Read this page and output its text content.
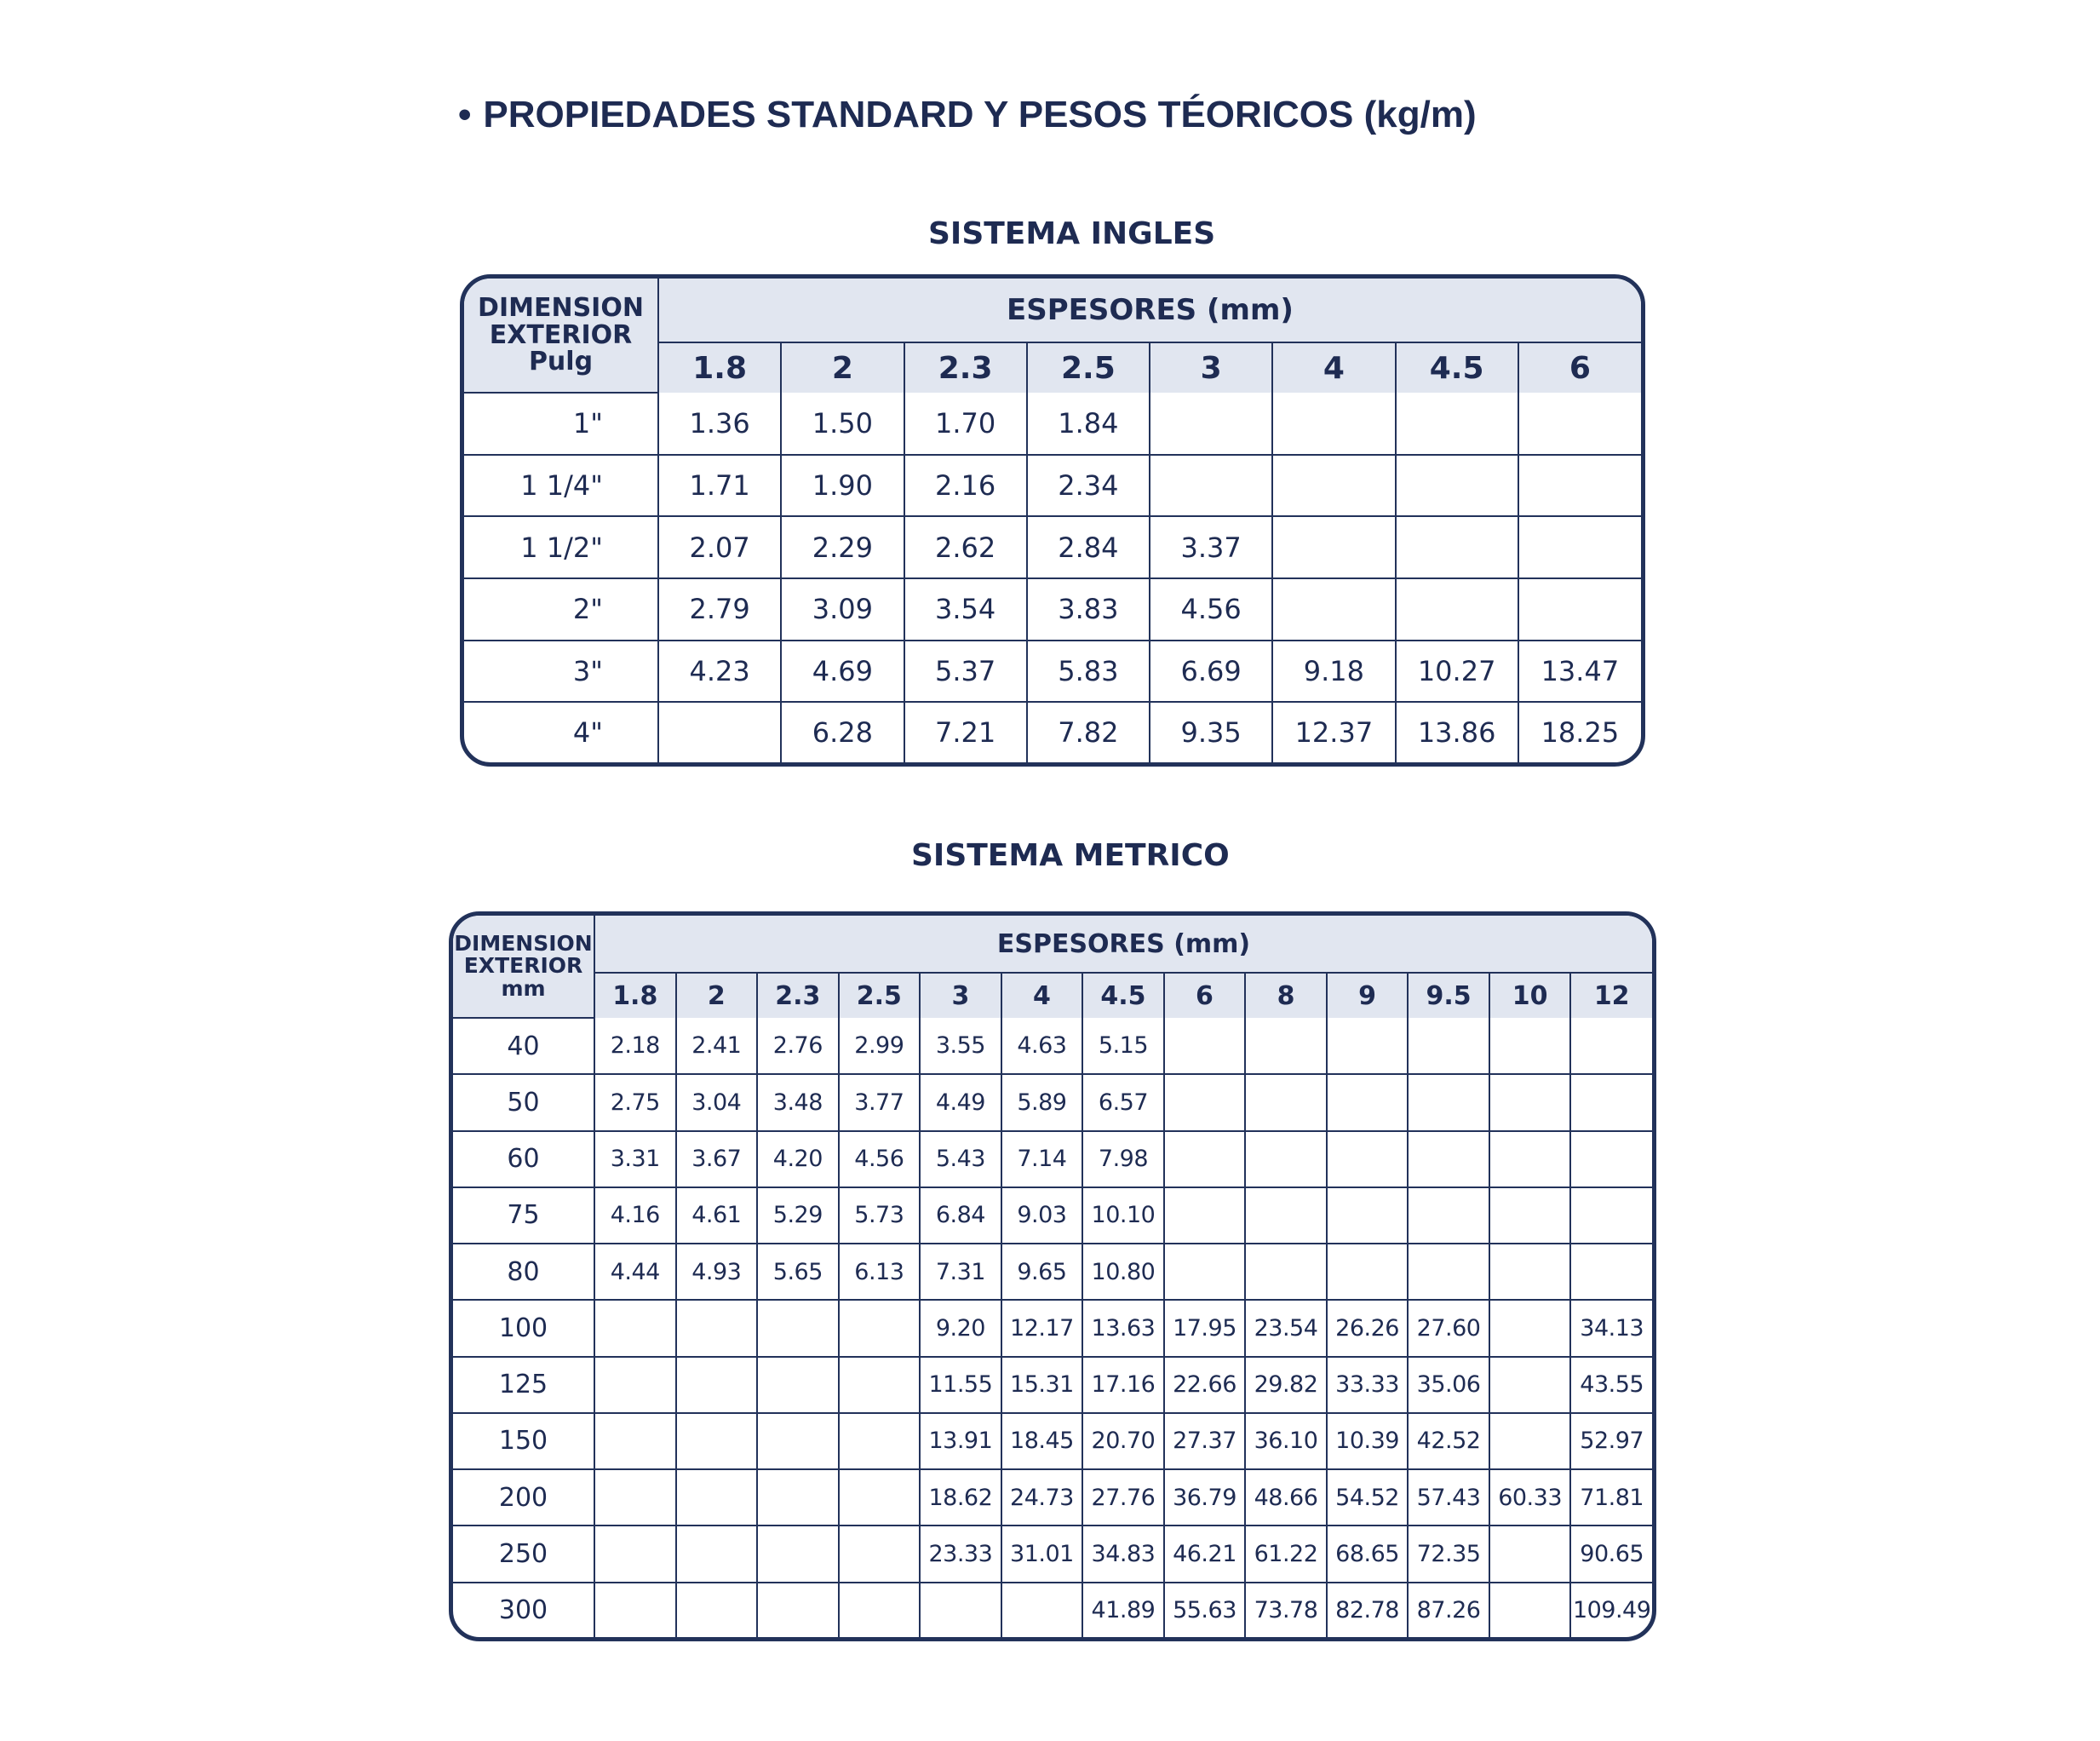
• PROPIEDADES STANDARD Y PESOS TÉORICOS (kg/m)
SISTEMA INGLES
DIMENSION
EXTERIOR
Pulg	ESPESORES (mm)							
	1.8	2	2.3	2.5	3	4	4.5	6
1"	1.36	1.50	1.70	1.84				
1 1/4"	1.71	1.90	2.16	2.34				
1 1/2"	2.07	2.29	2.62	2.84	3.37			
2"	2.79	3.09	3.54	3.83	4.56			
3"	4.23	4.69	5.37	5.83	6.69	9.18	10.27	13.47
4"		6.28	7.21	7.82	9.35	12.37	13.86	18.25
SISTEMA METRICO
DIMENSION
EXTERIOR
mm	ESPESORES (mm)												
	1.8	2	2.3	2.5	3	4	4.5	6	8	9	9.5	10	12
40	2.18	2.41	2.76	2.99	3.55	4.63	5.15						
50	2.75	3.04	3.48	3.77	4.49	5.89	6.57						
60	3.31	3.67	4.20	4.56	5.43	7.14	7.98						
75	4.16	4.61	5.29	5.73	6.84	9.03	10.10						
80	4.44	4.93	5.65	6.13	7.31	9.65	10.80						
100					9.20	12.17	13.63	17.95	23.54	26.26	27.60		34.13
125					11.55	15.31	17.16	22.66	29.82	33.33	35.06		43.55
150					13.91	18.45	20.70	27.37	36.10	10.39	42.52		52.97
200					18.62	24.73	27.76	36.79	48.66	54.52	57.43	60.33	71.81
250					23.33	31.01	34.83	46.21	61.22	68.65	72.35		90.65
300							41.89	55.63	73.78	82.78	87.26		109.49
